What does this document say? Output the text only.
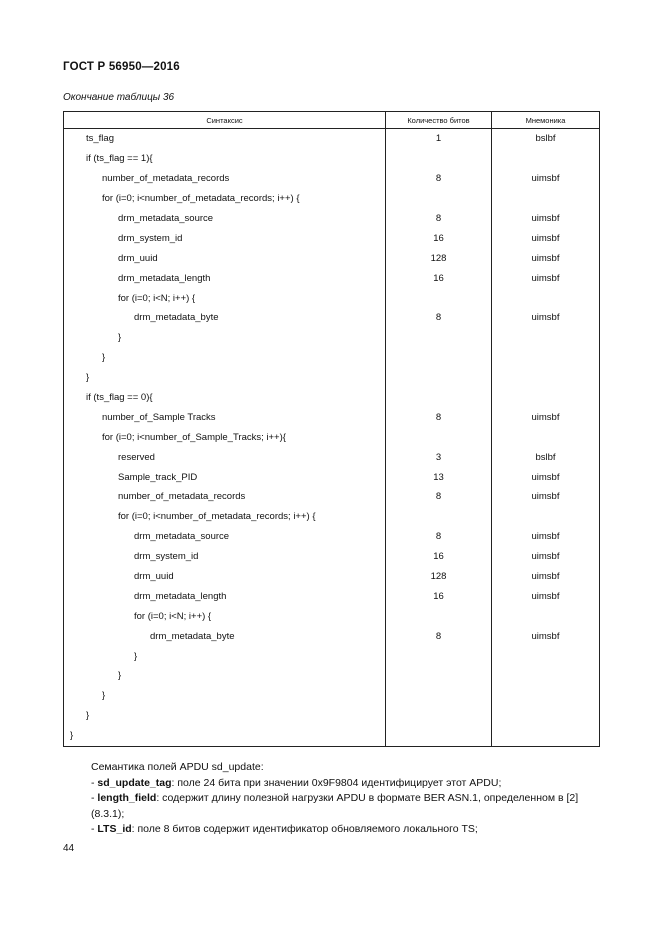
ГОСТ Р 56950—2016
Окончание таблицы 36
Синтаксис	Количество битов	Мнемоника
ts_flag	1	bslbf
if (ts_flag == 1){		
number_of_metadata_records	8	uimsbf
for (i=0; i<number_of_metadata_records; i++) {		
drm_metadata_source	8	uimsbf
drm_system_id	16	uimsbf
drm_uuid	128	uimsbf
drm_metadata_length	16	uimsbf
for (i=0; i<N; i++) {		
drm_metadata_byte	8	uimsbf
}		
}		
}		
if (ts_flag == 0){		
number_of_Sample Tracks	8	uimsbf
for (i=0; i<number_of_Sample_Tracks; i++){		
reserved	3	bslbf
Sample_track_PID	13	uimsbf
number_of_metadata_records	8	uimsbf
for (i=0; i<number_of_metadata_records; i++) {		
drm_metadata_source	8	uimsbf
drm_system_id	16	uimsbf
drm_uuid	128	uimsbf
drm_metadata_length	16	uimsbf
for (i=0; i<N; i++) {		
drm_metadata_byte	8	uimsbf
}		
}		
}		
}		
}		

Семантика полей APDU sd_update:

- sd_update_tag: поле 24 бита при значении 0x9F9804 идентифицирует этот APDU;

- length_field: содержит длину полезной нагрузки APDU в формате BER ASN.1, определенном в [2] (8.3.1);

- LTS_id: поле 8 битов содержит идентификатор обновляемого локального TS;

44
